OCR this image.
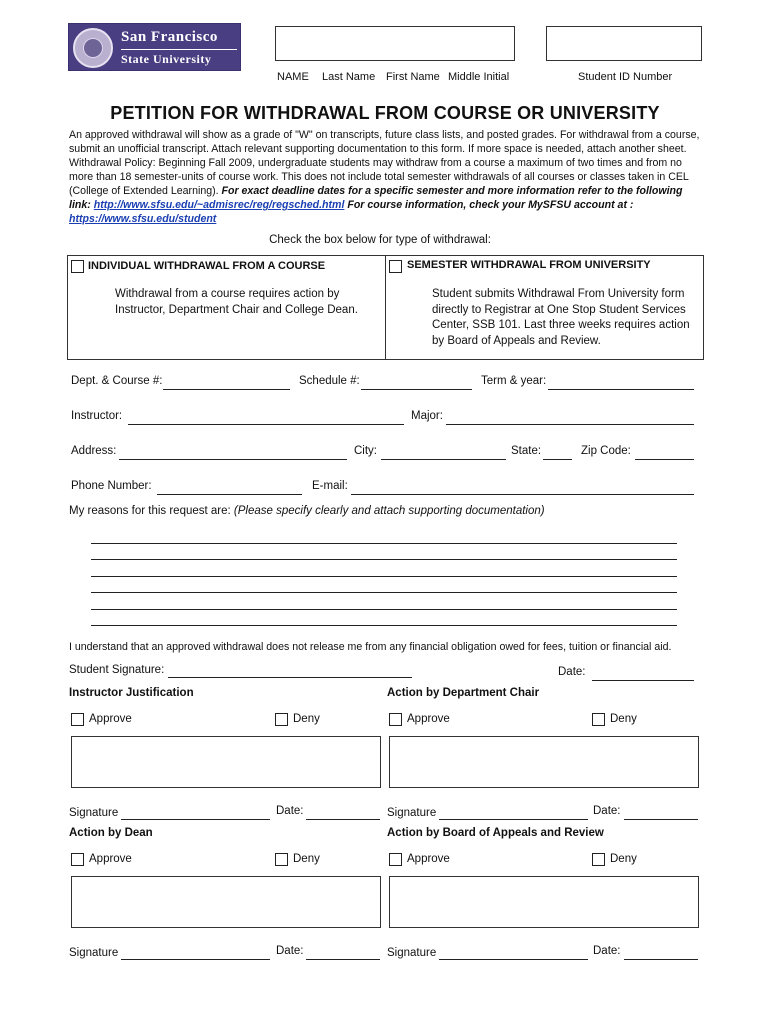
San Francisco
State University
NAME Last Name First Name Middle Initial	Student ID Number
PETITION FOR WITHDRAWAL FROM COURSE OR UNIVERSITY
An approved withdrawal will show as a grade of "W" on transcripts, future class lists, and posted grades. For withdrawal from a course, submit an unofficial transcript. Attach relevant supporting documentation to this form. If more space is needed, attach another sheet. Withdrawal Policy: Beginning Fall 2009, undergraduate students may withdraw from a course a maximum of two times and from no more than 18 semester-units of course work. This does not include total semester withdrawals of all courses or classes taken in CEL (College of Extended Learning). For exact deadline dates for a specific semester and more information refer to the following link: http://www.sfsu.edu/~admisrec/reg/regsched.html For course information, check your MySFSU account at : https://www.sfsu.edu/student
Check the box below for type of withdrawal:
INDIVIDUAL WITHDRAWAL FROM A COURSE
Withdrawal from a course requires action by Instructor, Department Chair and College Dean.
SEMESTER WITHDRAWAL FROM UNIVERSITY
Student submits Withdrawal From University form directly to Registrar at One Stop Student Services Center, SSB 101. Last three weeks requires action by Board of Appeals and Review.
Dept. & Course #:	Schedule #:	Term & year:
Instructor:	Major:
Address:	City:	State:	Zip Code:
Phone Number:	E-mail:
My reasons for this request are: (Please specify clearly and attach supporting documentation)
I understand that an approved withdrawal does not release me from any financial obligation owed for fees, tuition or financial aid.
Student Signature:	Date:
Instructor Justification
Approve	Deny
Signature	Date:
Action by Department Chair
Approve	Deny
Signature	Date:
Action by Dean
Approve	Deny
Signature	Date:
Action by Board of Appeals and Review
Approve	Deny
Signature	Date:
